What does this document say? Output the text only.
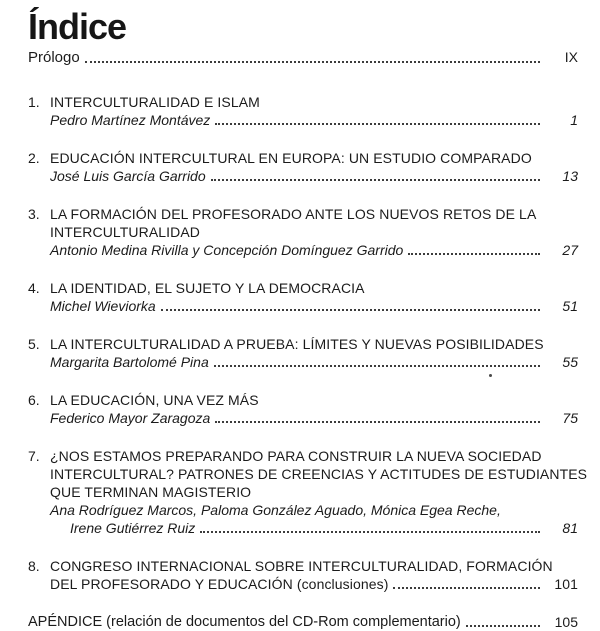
Índice
Prólogo	IX
1. INTERCULTURALIDAD E ISLAM
Pedro Martínez Montávez	1
2. EDUCACIÓN INTERCULTURAL EN EUROPA: UN ESTUDIO COMPARADO
José Luis García Garrido	13
3. LA FORMACIÓN DEL PROFESORADO ANTE LOS NUEVOS RETOS DE LA
INTERCULTURALIDAD
Antonio Medina Rivilla y Concepción Domínguez Garrido	27
4. LA IDENTIDAD, EL SUJETO Y LA DEMOCRACIA
Michel Wieviorka	51
5. LA INTERCULTURALIDAD A PRUEBA: LÍMITES Y NUEVAS POSIBILIDADES
Margarita Bartolomé Pina	55
6. LA EDUCACIÓN, UNA VEZ MÁS
Federico Mayor Zaragoza	75
7. ¿NOS ESTAMOS PREPARANDO PARA CONSTRUIR LA NUEVA SOCIEDAD
INTERCULTURAL? PATRONES DE CREENCIAS Y ACTITUDES DE ESTUDIANTES
QUE TERMINAN MAGISTERIO
Ana Rodríguez Marcos, Paloma González Aguado, Mónica Egea Reche,
Irene Gutiérrez Ruiz	81
8. CONGRESO INTERNACIONAL SOBRE INTERCULTURALIDAD, FORMACIÓN
DEL PROFESORADO Y EDUCACIÓN (conclusiones)	101
APÉNDICE (relación de documentos del CD-Rom complementario)	105
